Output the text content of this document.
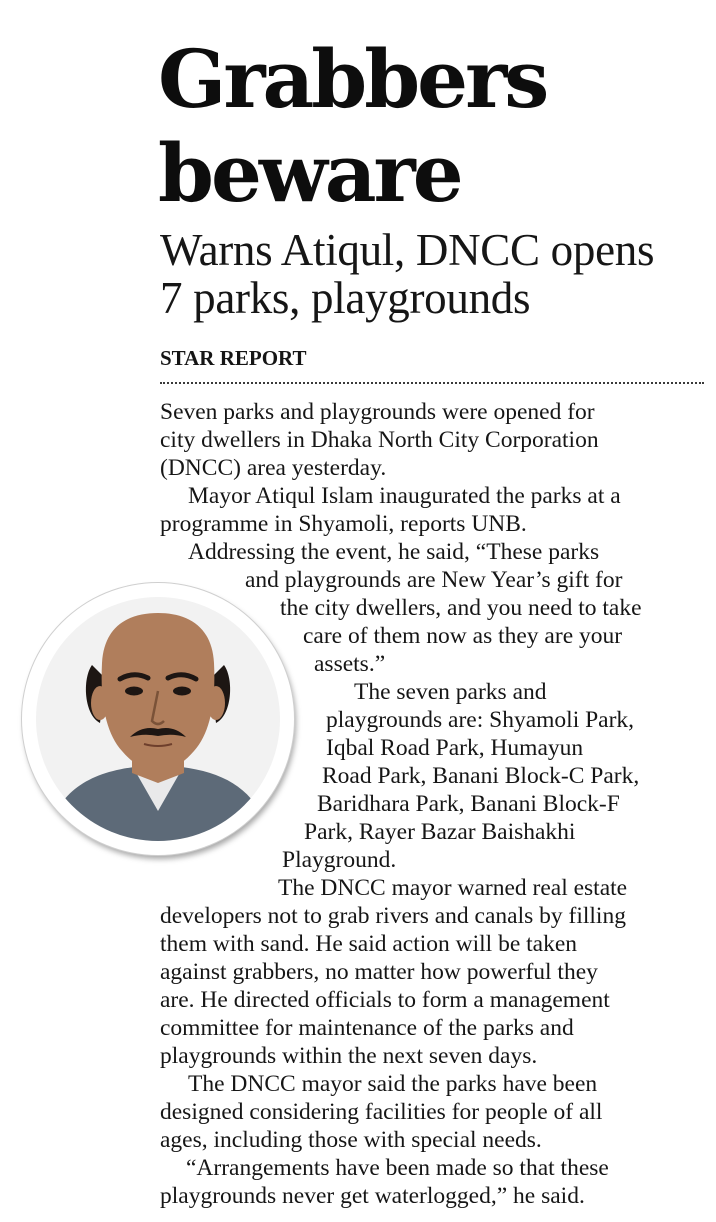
Grabbers
beware
Warns Atiqul, DNCC opens
7 parks, playgrounds
STAR REPORT

Seven parks and playgrounds were opened for

city dwellers in Dhaka North City Corporation

(DNCC) area yesterday.

Mayor Atiqul Islam inaugurated the parks at a

programme in Shyamoli, reports UNB.

Addressing the event, he said, “These parks

and playgrounds are New Year’s gift for

the city dwellers, and you need to take

care of them now as they are your

assets.”

The seven parks and

playgrounds are: Shyamoli Park,

Iqbal Road Park, Humayun

Road Park, Banani Block-C Park,

Baridhara Park, Banani Block-F

Park, Rayer Bazar Baishakhi

Playground.

The DNCC mayor warned real estate

developers not to grab rivers and canals by filling

them with sand. He said action will be taken

against grabbers, no matter how powerful they

are. He directed officials to form a management

committee for maintenance of the parks and

playgrounds within the next seven days.

The DNCC mayor said the parks have been

designed considering facilities for people of all

ages, including those with special needs.

“Arrangements have been made so that these

playgrounds never get waterlogged,” he said.
